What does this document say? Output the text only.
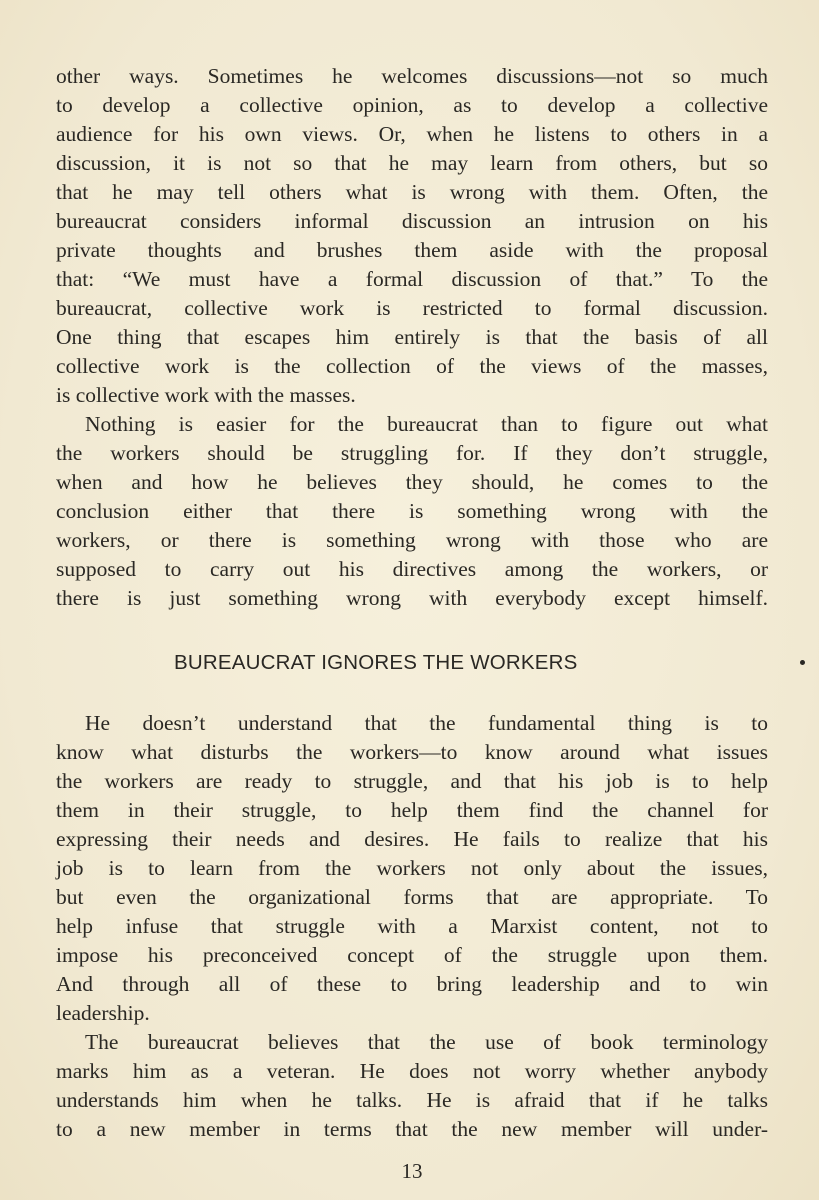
other ways. Sometimes he welcomes discussions—not so much
to develop a collective opinion, as to develop a collective
audience for his own views. Or, when he listens to others in a
discussion, it is not so that he may learn from others, but so
that he may tell others what is wrong with them. Often, the
bureaucrat considers informal discussion an intrusion on his
private thoughts and brushes them aside with the proposal
that: “We must have a formal discussion of that.” To the
bureaucrat, collective work is restricted to formal discussion.
One thing that escapes him entirely is that the basis of all
collective work is the collection of the views of the masses,
is collective work with the masses.
Nothing is easier for the bureaucrat than to figure out what
the workers should be struggling for. If they don’t struggle,
when and how he believes they should, he comes to the
conclusion either that there is something wrong with the
workers, or there is something wrong with those who are
supposed to carry out his directives among the workers, or
there is just something wrong with everybody except himself.
BUREAUCRAT IGNORES THE WORKERS
He doesn’t understand that the fundamental thing is to
know what disturbs the workers—to know around what issues
the workers are ready to struggle, and that his job is to help
them in their struggle, to help them find the channel for
expressing their needs and desires. He fails to realize that his
job is to learn from the workers not only about the issues,
but even the organizational forms that are appropriate. To
help infuse that struggle with a Marxist content, not to
impose his preconceived concept of the struggle upon them.
And through all of these to bring leadership and to win
leadership.
The bureaucrat believes that the use of book terminology
marks him as a veteran. He does not worry whether anybody
understands him when he talks. He is afraid that if he talks
to a new member in terms that the new member will under-
13
